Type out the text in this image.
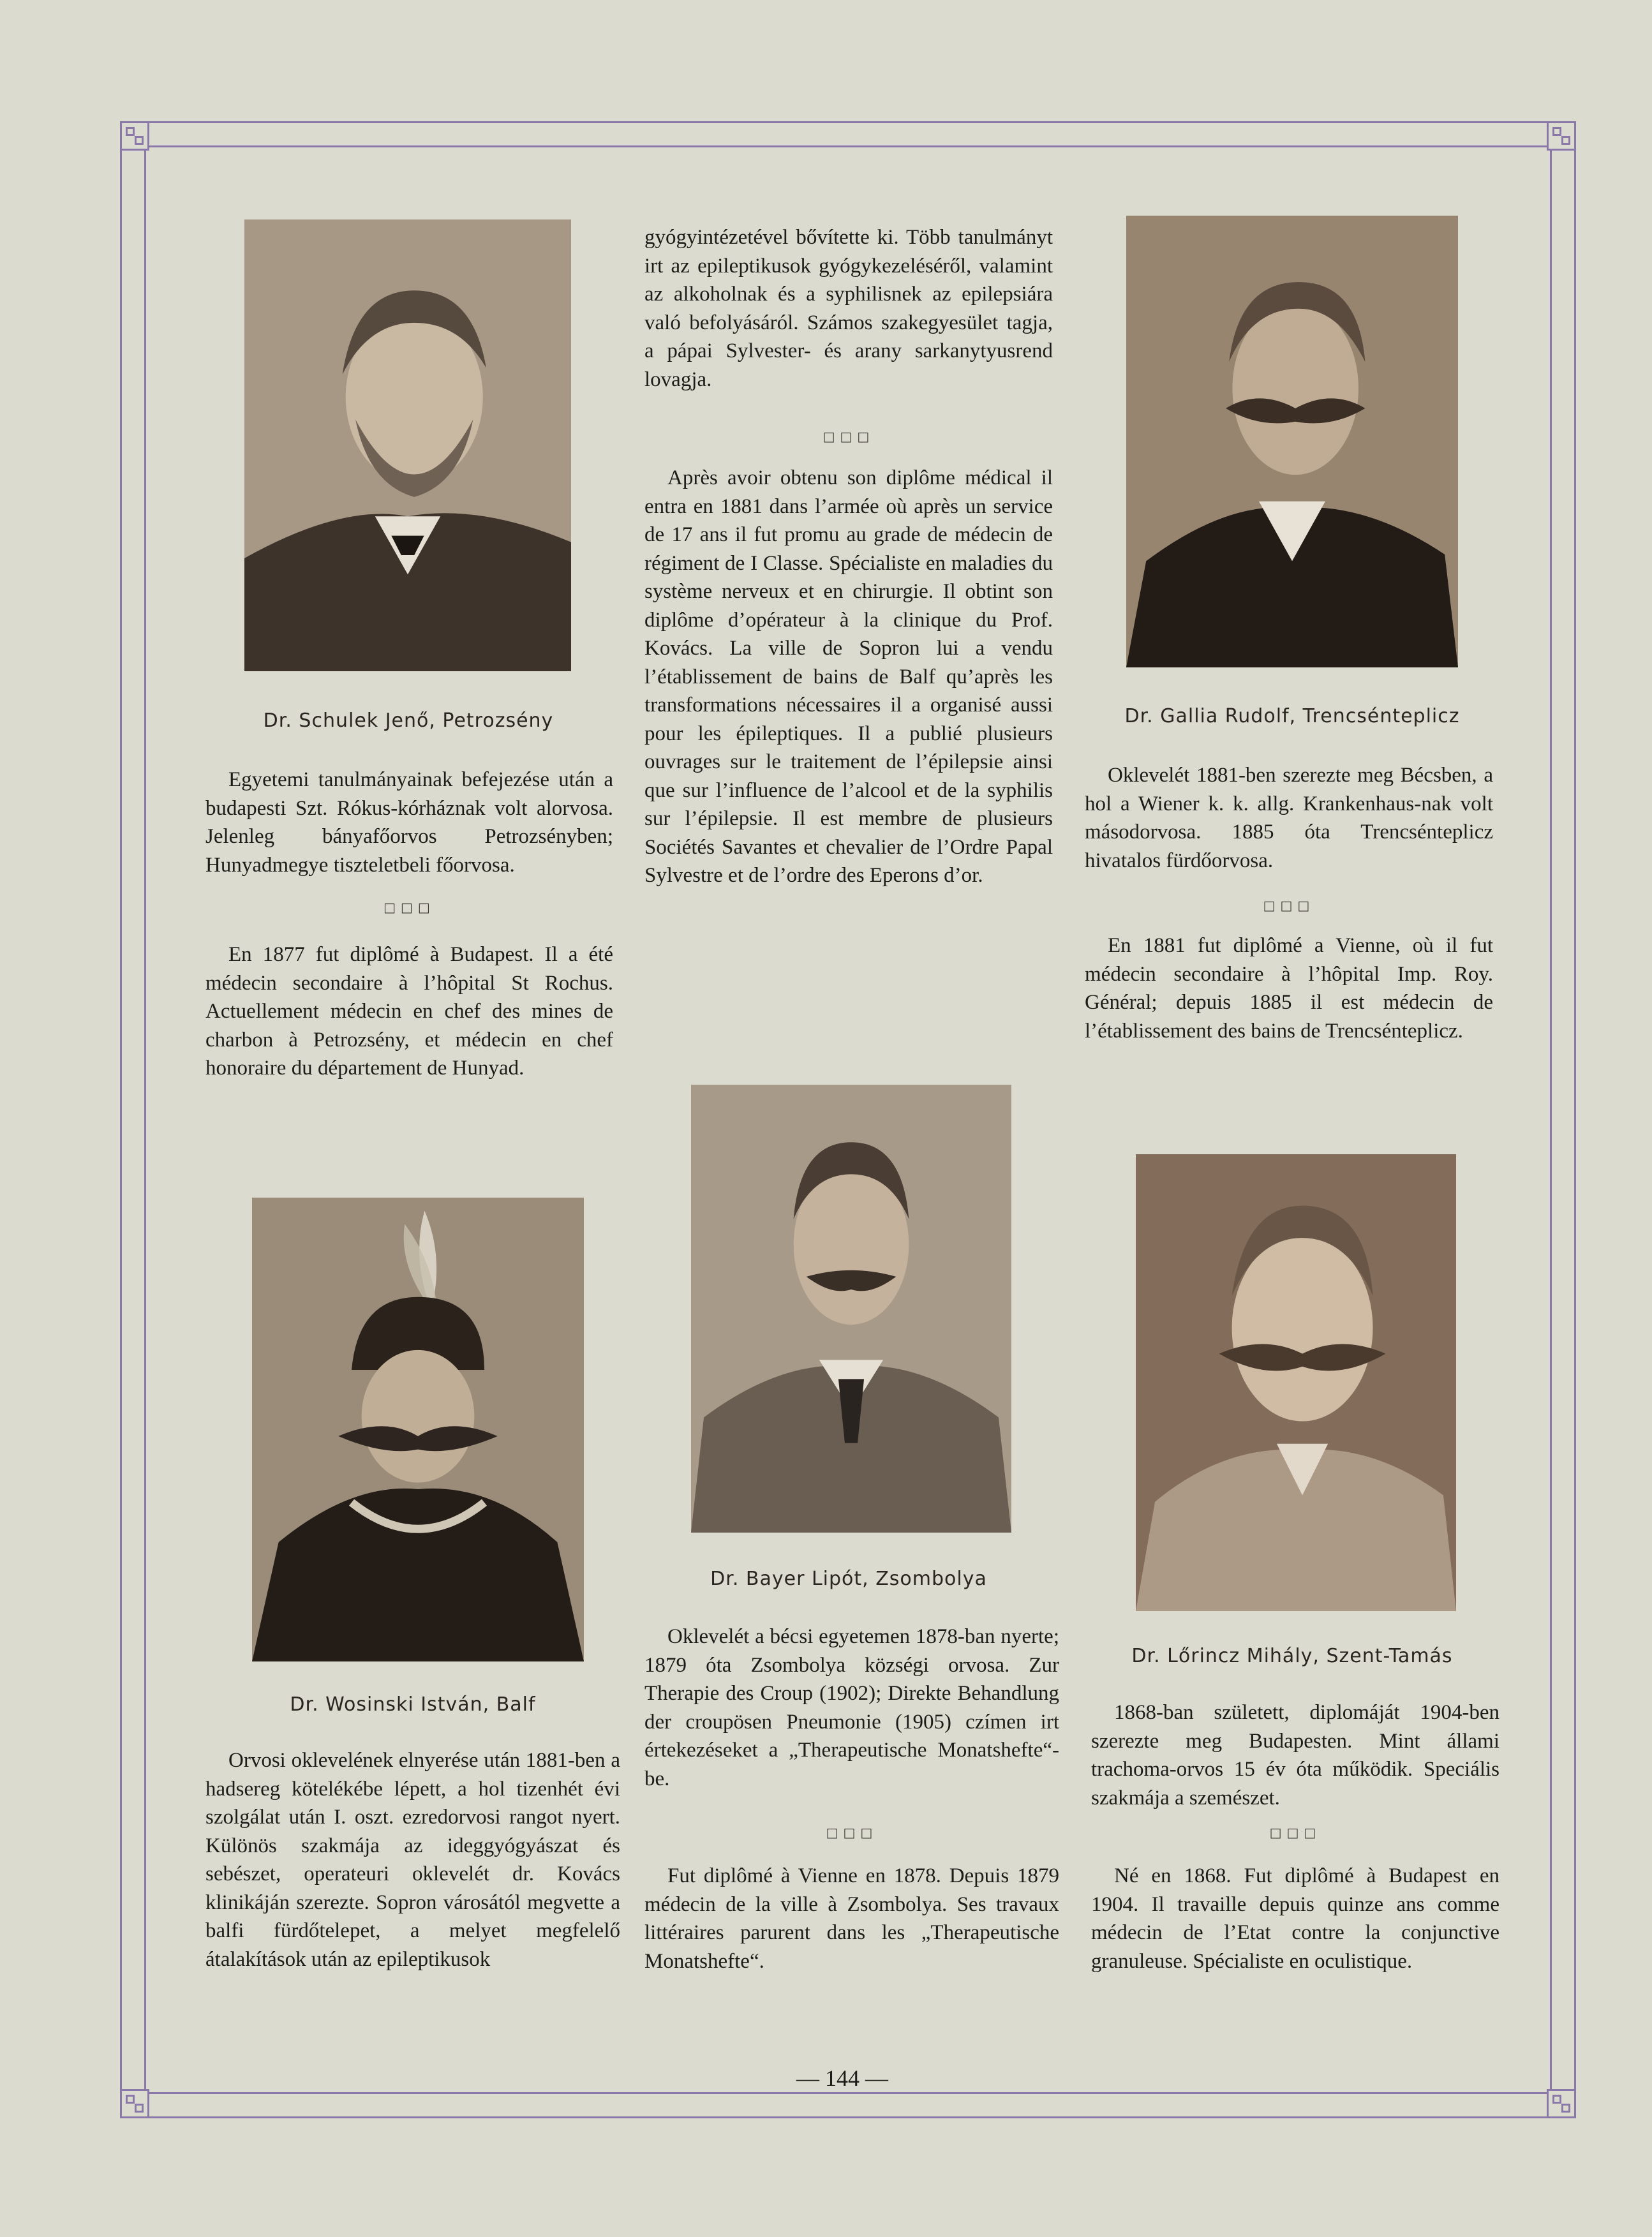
Dr. Schulek Jenő, Petrozsény

Egyetemi tanulmányainak befejezése után a budapesti Szt. Rókus-kórháznak volt alorvosa. Jelenleg bányafőorvos Petrozsényben; Hunyadmegye tiszteletbeli főorvosa.

□□□

En 1877 fut diplômé à Budapest. Il a été médecin secondaire à l’hôpital St Rochus. Actuellement médecin en chef des mines de charbon à Petrozsény, et médecin en chef honoraire du département de Hunyad.

gyógyintézetével bővítette ki. Több tanulmányt irt az epileptikusok gyógykezeléséről, valamint az alkoholnak és a syphilisnek az epilepsiára való befolyásáról. Számos szakegyesület tagja, a pápai Sylvester- és arany sarkanytyusrend lovagja.

□□□

Après avoir obtenu son diplôme médical il entra en 1881 dans l’armée où après un service de 17 ans il fut promu au grade de médecin de régiment de I Classe. Spécialiste en maladies du système nerveux et en chirurgie. Il obtint son diplôme d’opérateur à la clinique du Prof. Kovács. La ville de Sopron lui a vendu l’établissement de bains de Balf qu’après les transformations nécessaires il a organisé aussi pour les épileptiques. Il a publié plusieurs ouvrages sur le traitement de l’épilepsie ainsi que sur l’influence de l’alcool et de la syphilis sur l’épilepsie. Il est membre de plusieurs Sociétés Savantes et chevalier de l’Ordre Papal Sylvestre et de l’ordre des Eperons d’or.

Dr. Gallia Rudolf, Trencsénteplicz

Oklevelét 1881-ben szerezte meg Bécsben, a hol a Wiener k. k. allg. Krankenhaus-nak volt másodorvosa. 1885 óta Trencsénteplicz hivatalos fürdőorvosa.

□□□

En 1881 fut diplômé a Vienne, où il fut médecin secondaire à l’hôpital Imp. Roy. Général; depuis 1885 il est médecin de l’établissement des bains de Trencsénteplicz.

Dr. Wosinski István, Balf

Orvosi oklevelének elnyerése után 1881-ben a hadsereg kötelékébe lépett, a hol tizenhét évi szolgálat után I. oszt. ezredorvosi rangot nyert. Különös szakmája az ideggyógyászat és sebészet, operateuri oklevelét dr. Kovács klinikáján szerezte. Sopron városától megvette a balfi fürdőtelepet, a melyet megfelelő átalakítások után az epileptikusok

Dr. Bayer Lipót, Zsombolya

Oklevelét a bécsi egyetemen 1878-ban nyerte; 1879 óta Zsombolya községi orvosa. Zur Therapie des Croup (1902); Direkte Behandlung der croupösen Pneumonie (1905) czímen irt értekezéseket a „Therapeutische Monatshefte“-be.

□□□

Fut diplômé à Vienne en 1878. Depuis 1879 médecin de la ville à Zsombolya. Ses travaux littéraires parurent dans les „Therapeutische Monatshefte“.

Dr. Lőrincz Mihály, Szent-Tamás

1868-ban született, diplomáját 1904-ben szerezte meg Budapesten. Mint állami trachoma-orvos 15 év óta működik. Speciális szakmája a szemészet.

□□□

Né en 1868. Fut diplômé à Budapest en 1904. Il travaille depuis quinze ans comme médecin de l’Etat contre la conjunctive granuleuse. Spécialiste en oculistique.

— 144 —
